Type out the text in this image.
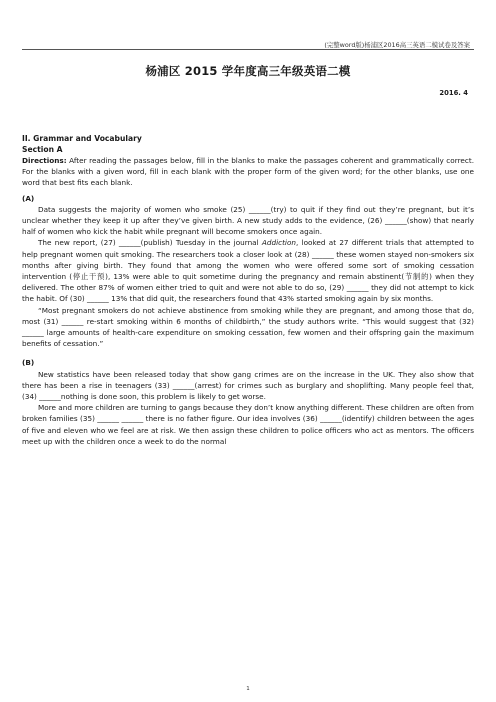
(完整word版)杨浦区2016高三英语二模试卷及答案
杨浦区 2015 学年度高三年级英语二模
2016. 4

II. Grammar and Vocabulary

Section A

Directions: After reading the passages below, fill in the blanks to make the passages coherent and grammatically correct. For the blanks with a given word, fill in each blank with the proper form of the given word; for the other blanks, use one word that best fits each blank.

(A)

Data suggests the majority of women who smoke (25) ______(try) to quit if they find out they’re pregnant, but it’s unclear whether they keep it up after they’ve given birth. A new study adds to the evidence, (26) ______(show) that nearly half of women who kick the habit while pregnant will become smokers once again.

The new report, (27) ______(publish) Tuesday in the journal Addiction, looked at 27 different trials that attempted to help pregnant women quit smoking. The researchers took a closer look at (28) ______ these women stayed non-smokers six months after giving birth. They found that among the women who were offered some sort of smoking cessation intervention (停止干预), 13% were able to quit sometime during the pregnancy and remain abstinent(节制的) when they delivered. The other 87% of women either tried to quit and were not able to do so, (29) ______ they did not attempt to kick the habit. Of (30) ______ 13% that did quit, the researchers found that 43% started smoking again by six months.

“Most pregnant smokers do not achieve abstinence from smoking while they are pregnant, and among those that do, most (31) ______ re-start smoking within 6 months of childbirth,” the study authors write. “This would suggest that (32) ______ large amounts of health-care expenditure on smoking cessation, few women and their offspring gain the maximum benefits of cessation.”

(B)

New statistics have been released today that show gang crimes are on the increase in the UK. They also show that there has been a rise in teenagers (33) ______(arrest) for crimes such as burglary and shoplifting. Many people feel that, (34) ______nothing is done soon, this problem is likely to get worse.

More and more children are turning to gangs because they don’t know anything different. These children are often from broken families (35) ______ ______ there is no father figure. Our idea involves (36) ______(identify) children between the ages of five and eleven who we feel are at risk. We then assign these children to police officers who act as mentors. The officers meet up with the children once a week to do the normal

1
